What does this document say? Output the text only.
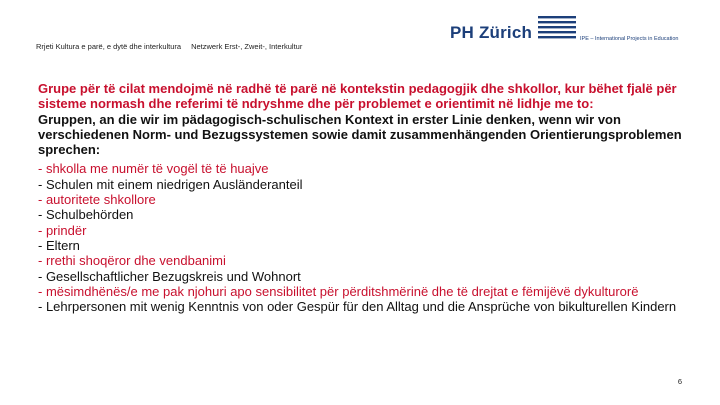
Rrjeti Kultura e parë, e dytë dhe interkultura Netzwerk Erst-, Zweit-, Interkultur
PH Zürich	IPE – International Projects in Education

Grupe për të cilat mendojmë në radhë të parë në kontekstin pedagogjik dhe shkollor, kur bëhet fjalë për sisteme normash dhe referimi të ndryshme dhe për problemet e orientimit në lidhje me to:

Gruppen, an die wir im pädagogisch-schulischen Kontext in erster Linie denken, wenn wir von verschiedenen Norm- und Bezugssystemen sowie damit zusammenhängenden Orientierungsproblemen sprechen:

- shkolla me numër të vogël të të huajve
- Schulen mit einem niedrigen Ausländeranteil
- autoritete shkollore
- Schulbehörden
- prindër
- Eltern
- rrethi shoqëror dhe vendbanimi
- Gesellschaftlicher Bezugskreis und Wohnort
- mësimdhënës/e me pak njohuri apo sensibilitet për përditshmërinë dhe të drejtat e fëmijëvë dykulturorë
- Lehrpersonen mit wenig Kenntnis von oder Gespür für den Alltag und die Ansprüche von bikulturellen Kindern
6
